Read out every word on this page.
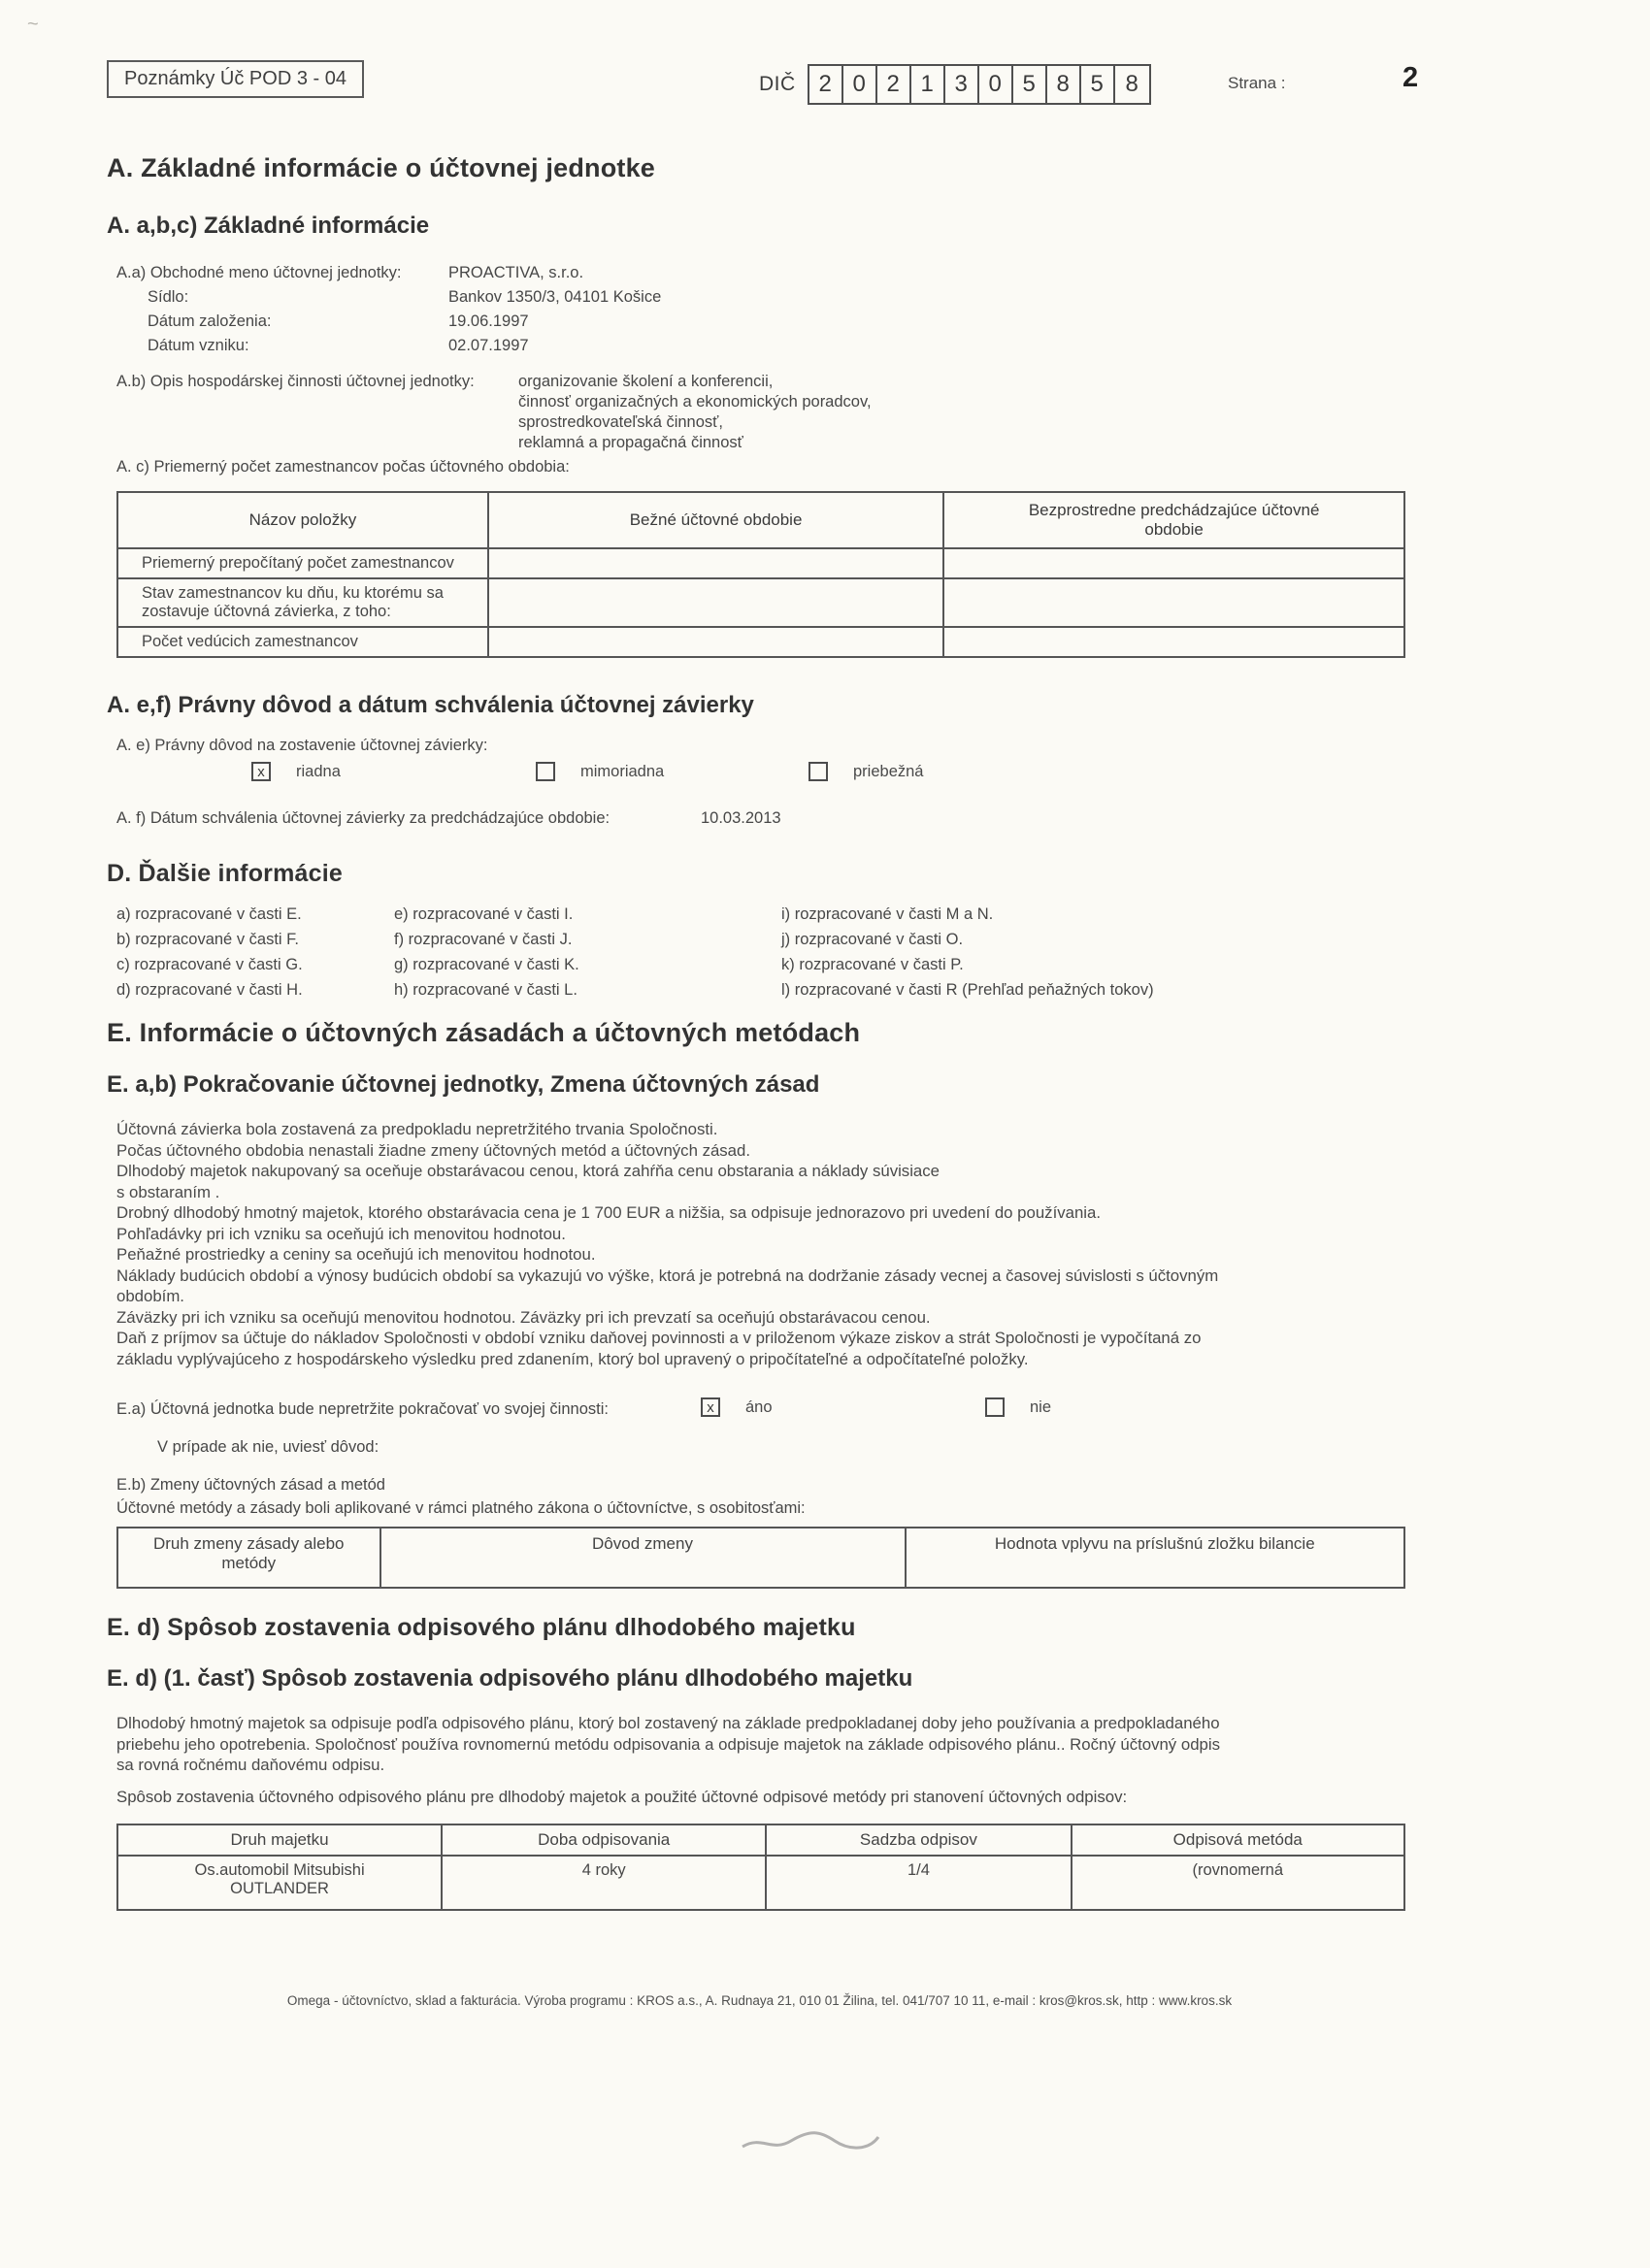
~
Poznámky Úč POD 3 - 04	DIČ 2 0 2 1 3 0 5 8 5 8	Strana :	2
A. Základné informácie o účtovnej jednotke
A. a,b,c) Základné informácie
A.a) Obchodné meno účtovnej jednotky:	PROACTIVA, s.r.o.
Sídlo:	Bankov 1350/3, 04101 Košice
Dátum založenia:	19.06.1997
Dátum vzniku:	02.07.1997
A.b) Opis hospodárskej činnosti účtovnej jednotky:	organizovanie školení a konferencii,
činnosť organizačných a ekonomických poradcov,
sprostredkovateľská činnosť,
reklamná a propagačná činnosť
A. c) Priemerný počet zamestnancov počas účtovného obdobia:
Názov položky	Bežné účtovné obdobie	Bezprostredne predchádzajúce účtovné obdobie
Priemerný prepočítaný počet zamestnancov		
Stav zamestnancov ku dňu, ku ktorému sa zostavuje účtovná závierka, z toho:		
Počet vedúcich zamestnancov		
A. e,f) Právny dôvod a dátum schválenia účtovnej závierky
A. e) Právny dôvod na zostavenie účtovnej závierky:
x	riadna	mimoriadna	priebežná
A. f) Dátum schválenia účtovnej závierky za predchádzajúce obdobie:	10.03.2013
D. Ďalšie informácie
a) rozpracované v časti E.
b) rozpracované v časti F.
c) rozpracované v časti G.
d) rozpracované v časti H.
e) rozpracované v časti I.
f) rozpracované v časti J.
g) rozpracované v časti K.
h) rozpracované v časti L.
i) rozpracované v časti M a N.
j) rozpracované v časti O.
k) rozpracované v časti P.
l) rozpracované v časti R (Prehľad peňažných tokov)
E. Informácie o účtovných zásadách a účtovných metódach
E. a,b) Pokračovanie účtovnej jednotky, Zmena účtovných zásad
Účtovná závierka bola zostavená za predpokladu nepretržitého trvania Spoločnosti.
Počas účtovného obdobia nenastali žiadne zmeny účtovných metód a účtovných zásad.
Dlhodobý majetok nakupovaný sa oceňuje obstarávacou cenou, ktorá zahŕňa cenu obstarania a náklady súvisiace
s obstaraním .
Drobný dlhodobý hmotný majetok, ktorého obstarávacia cena je 1 700 EUR a nižšia, sa odpisuje jednorazovo pri uvedení do používania.
Pohľadávky pri ich vzniku sa oceňujú ich menovitou hodnotou.
Peňažné prostriedky a ceniny sa oceňujú ich menovitou hodnotou.
Náklady budúcich období a výnosy budúcich období sa vykazujú vo výške, ktorá je potrebná na dodržanie zásady vecnej a časovej súvislosti s účtovným
obdobím.
Záväzky pri ich vzniku sa oceňujú menovitou hodnotou. Záväzky pri ich prevzatí sa oceňujú obstarávacou cenou.
Daň z príjmov sa účtuje do nákladov Spoločnosti v období vzniku daňovej povinnosti a v priloženom výkaze ziskov a strát Spoločnosti je vypočítaná zo
základu vyplývajúceho z hospodárskeho výsledku pred zdanením, ktorý bol upravený o pripočítateľné a odpočítateľné položky.
E.a) Účtovná jednotka bude nepretržite pokračovať vo svojej činnosti:	x	áno	nie
V prípade ak nie, uviesť dôvod:
E.b) Zmeny účtovných zásad a metód
Účtovné metódy a zásady boli aplikované v rámci platného zákona o účtovníctve, s osobitosťami:
Druh zmeny zásady alebo metódy	Dôvod zmeny	Hodnota vplyvu na príslušnú zložku bilancie
E. d) Spôsob zostavenia odpisového plánu dlhodobého majetku
E. d) (1. časť) Spôsob zostavenia odpisového plánu dlhodobého majetku
Dlhodobý hmotný majetok sa odpisuje podľa odpisového plánu, ktorý bol zostavený na základe predpokladanej doby jeho používania a predpokladaného
priebehu jeho opotrebenia. Spoločnosť používa rovnomernú metódu odpisovania a odpisuje majetok na základe odpisového plánu.. Ročný účtovný odpis
sa rovná ročnému daňovému odpisu.
Spôsob zostavenia účtovného odpisového plánu pre dlhodobý majetok a použité účtovné odpisové metódy pri stanovení účtovných odpisov:
Druh majetku	Doba odpisovania	Sadzba odpisov	Odpisová metóda
Os.automobil Mitsubishi OUTLANDER	4 roky	1/4	(rovnomerná
Omega - účtovníctvo, sklad a fakturácia. Výroba programu : KROS a.s., A. Rudnaya 21, 010 01 Žilina, tel. 041/707 10 11, e-mail : kros@kros.sk, http : www.kros.sk
